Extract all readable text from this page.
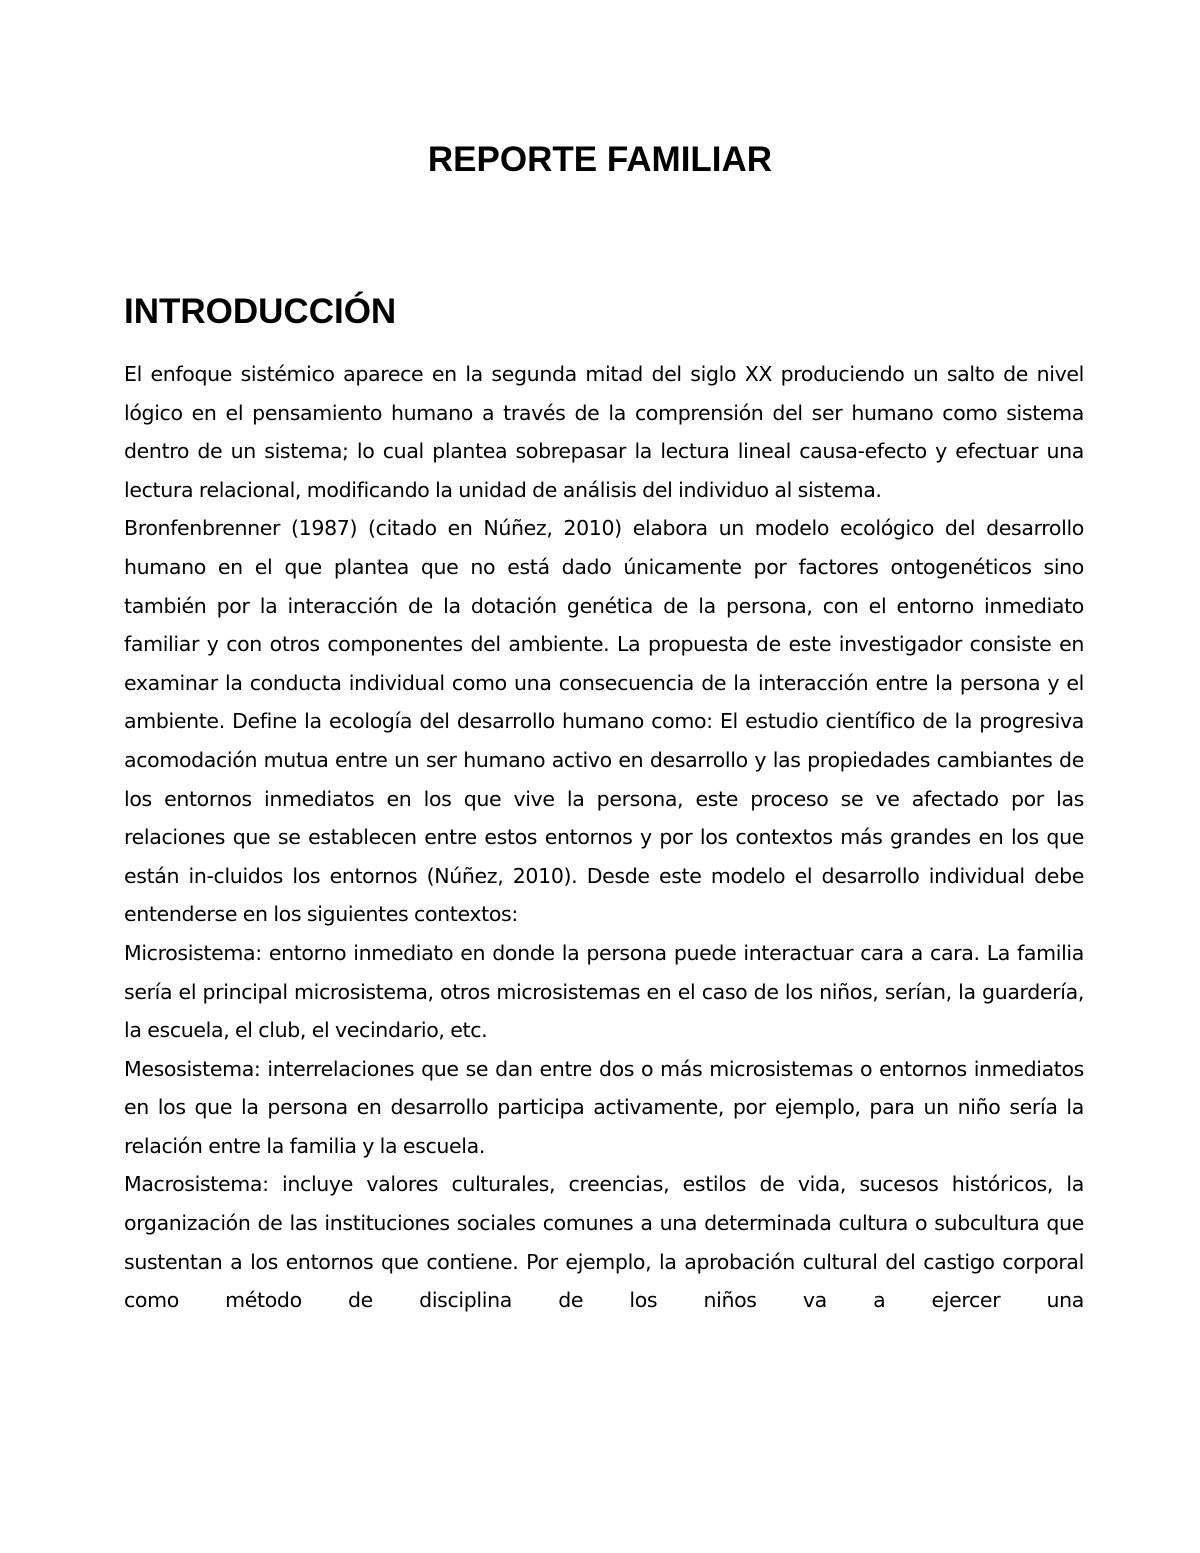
REPORTE FAMILIAR
INTRODUCCIÓN

El enfoque sistémico aparece en la segunda mitad del siglo XX produciendo un salto de nivel lógico en el pensamiento humano a través de la comprensión del ser humano como sistema dentro de un sistema; lo cual plantea sobrepasar la lectura lineal causa-efecto y efectuar una lectura relacional, modificando la unidad de análisis del individuo al sistema.

Bronfenbrenner (1987) (citado en Núñez, 2010) elabora un modelo ecológico del desarrollo humano en el que plantea que no está dado únicamente por factores ontogenéticos sino también por la interacción de la dotación genética de la persona, con el entorno inmediato familiar y con otros componentes del ambiente. La propuesta de este investigador consiste en examinar la conducta individual como una consecuencia de la interacción entre la persona y el ambiente. Define la ecología del desarrollo humano como: El estudio científico de la progresiva acomodación mutua entre un ser humano activo en desarrollo y las propiedades cambiantes de los entornos inmediatos en los que vive la persona, este proceso se ve afectado por las relaciones que se establecen entre estos entornos y por los contextos más grandes en los que están in-cluidos los entornos (Núñez, 2010). Desde este modelo el desarrollo individual debe entenderse en los siguientes contextos:

Microsistema: entorno inmediato en donde la persona puede interactuar cara a cara. La familia sería el principal microsistema, otros microsistemas en el caso de los niños, serían, la guardería, la escuela, el club, el vecindario, etc.

Mesosistema: interrelaciones que se dan entre dos o más microsistemas o entornos inmediatos en los que la persona en desarrollo participa activamente, por ejemplo, para un niño sería la relación entre la familia y la escuela.

Macrosistema: incluye valores culturales, creencias, estilos de vida, sucesos históricos, la organización de las instituciones sociales comunes a una determinada cultura o subcultura que sustentan a los entornos que contiene. Por ejemplo, la aprobación cultural del castigo corporal como método de disciplina de los niños va a ejercer una
